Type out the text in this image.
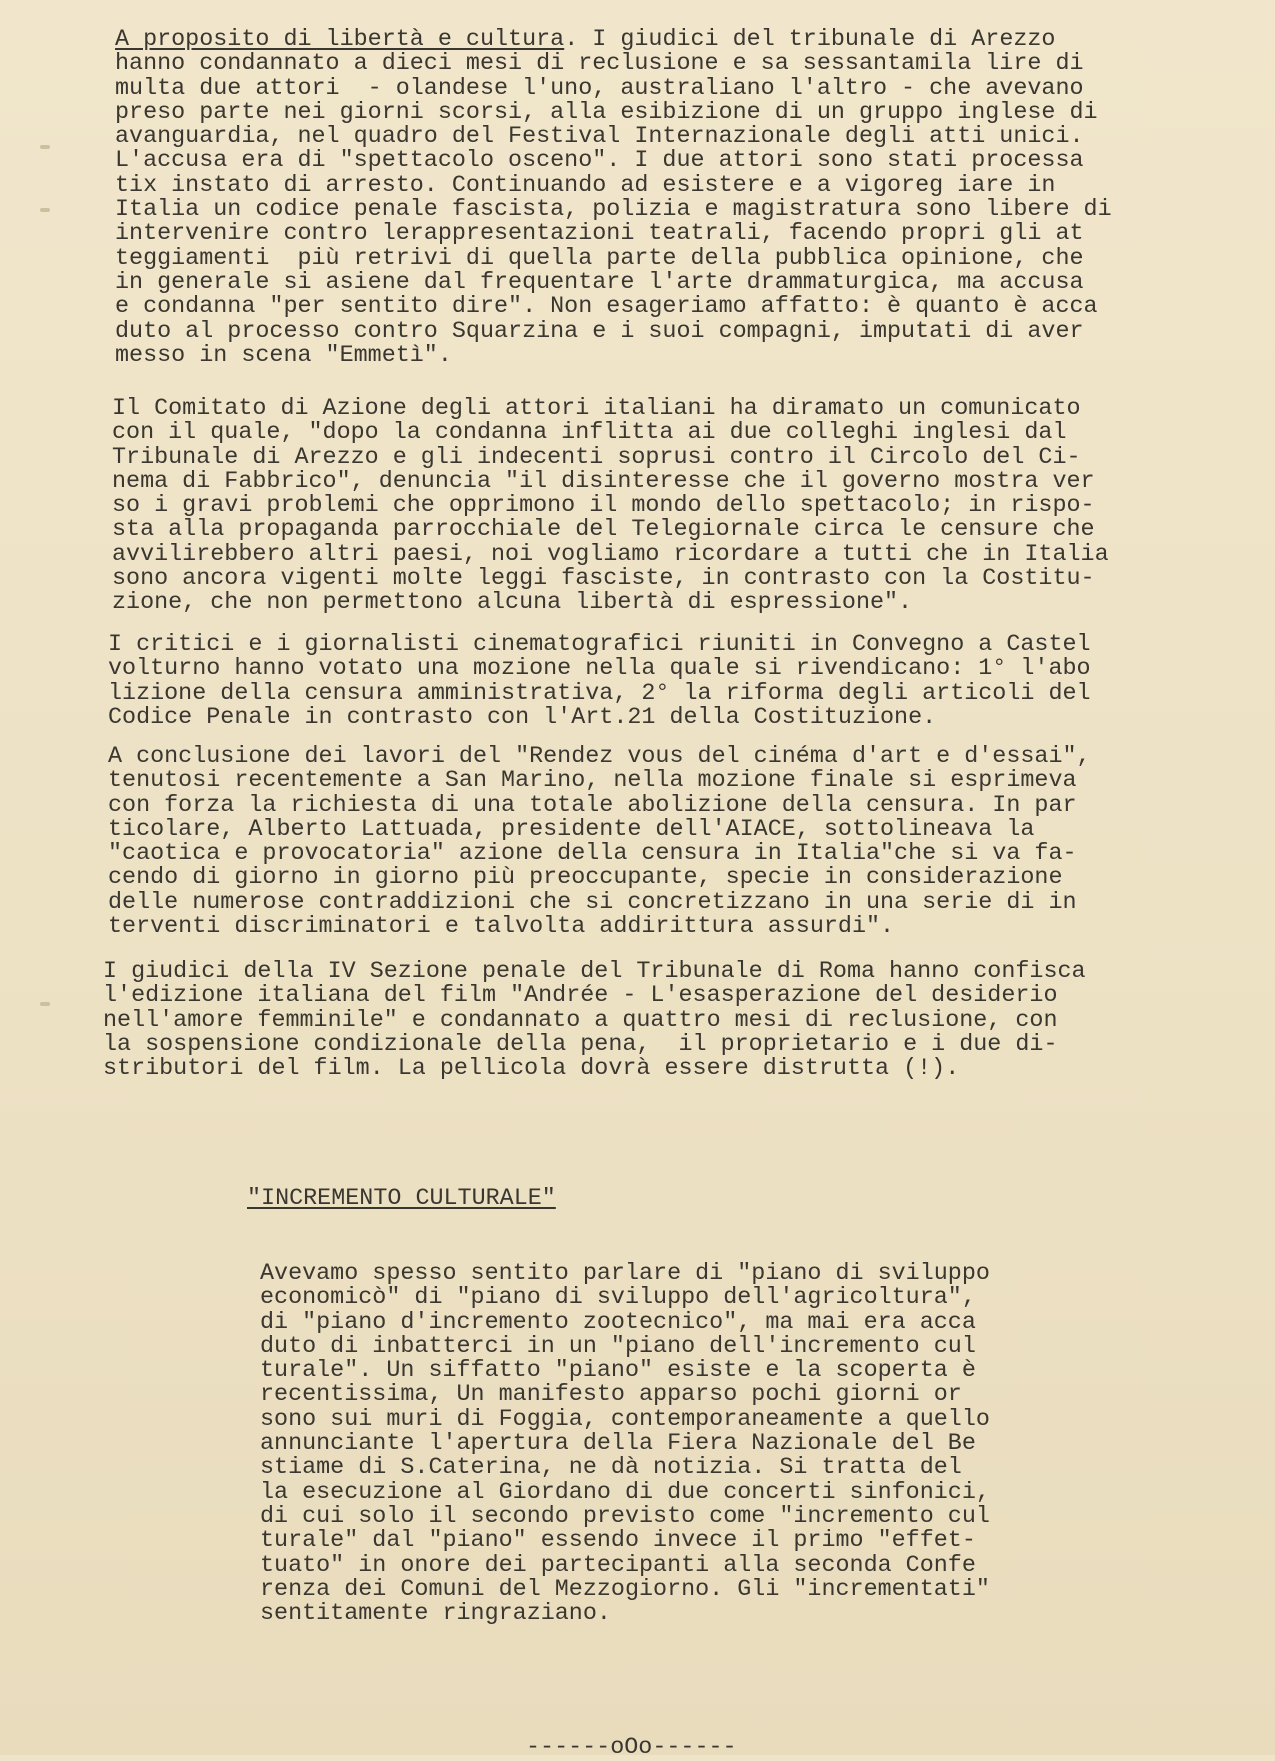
A proposito di libertà e cultura. I giudici del tribunale di Arezzo
hanno condannato a dieci mesi di reclusione e sa sessantamila lire di
multa due attori  - olandese l'uno, australiano l'altro - che avevano
preso parte nei giorni scorsi, alla esibizione di un gruppo inglese di
avanguardia, nel quadro del Festival Internazionale degli atti unici.
L'accusa era di "spettacolo osceno". I due attori sono stati processa
tix instato di arresto. Continuando ad esistere e a vigoreg iare in
Italia un codice penale fascista, polizia e magistratura sono libere di
intervenire contro lerappresentazioni teatrali, facendo propri gli at
teggiamenti  più retrivi di quella parte della pubblica opinione, che
in generale si asiene dal frequentare l'arte drammaturgica, ma accusa
e condanna "per sentito dire". Non esageriamo affatto: è quanto è acca
duto al processo contro Squarzina e i suoi compagni, imputati di aver
messo in scena "Emmetì".
Il Comitato di Azione degli attori italiani ha diramato un comunicato
con il quale, "dopo la condanna inflitta ai due colleghi inglesi dal
Tribunale di Arezzo e gli indecenti soprusi contro il Circolo del Ci-
nema di Fabbrico", denuncia "il disinteresse che il governo mostra ver
so i gravi problemi che opprimono il mondo dello spettacolo; in rispo-
sta alla propaganda parrocchiale del Telegiornale circa le censure che
avvilirebbero altri paesi, noi vogliamo ricordare a tutti che in Italia
sono ancora vigenti molte leggi fasciste, in contrasto con la Costitu-
zione, che non permettono alcuna libertà di espressione".
I critici e i giornalisti cinematografici riuniti in Convegno a Castel
volturno hanno votato una mozione nella quale si rivendicano: 1° l'abo
lizione della censura amministrativa, 2° la riforma degli articoli del
Codice Penale in contrasto con l'Art.21 della Costituzione.
A conclusione dei lavori del "Rendez vous del cinéma d'art e d'essai",
tenutosi recentemente a San Marino, nella mozione finale si esprimeva
con forza la richiesta di una totale abolizione della censura. In par
ticolare, Alberto Lattuada, presidente dell'AIACE, sottolineava la
"caotica e provocatoria" azione della censura in Italia"che si va fa-
cendo di giorno in giorno più preoccupante, specie in considerazione
delle numerose contraddizioni che si concretizzano in una serie di in
terventi discriminatori e talvolta addirittura assurdi".
I giudici della IV Sezione penale del Tribunale di Roma hanno confisca
l'edizione italiana del film "Andrée - L'esasperazione del desiderio
nell'amore femminile" e condannato a quattro mesi di reclusione, con
la sospensione condizionale della pena,  il proprietario e i due di-
stributori del film. La pellicola dovrà essere distrutta (!).
"INCREMENTO CULTURALE"
Avevamo spesso sentito parlare di "piano di sviluppo
economicò" di "piano di sviluppo dell'agricoltura",
di "piano d'incremento zootecnico", ma mai era acca
duto di inbatterci in un "piano dell'incremento cul
turale". Un siffatto "piano" esiste e la scoperta è
recentissima, Un manifesto apparso pochi giorni or
sono sui muri di Foggia, contemporaneamente a quello
annunciante l'apertura della Fiera Nazionale del Be
stiame di S.Caterina, ne dà notizia. Si tratta del
la esecuzione al Giordano di due concerti sinfonici,
di cui solo il secondo previsto come "incremento cul
turale" dal "piano" essendo invece il primo "effet-
tuato" in onore dei partecipanti alla seconda Confe
renza dei Comuni del Mezzogiorno. Gli "incrementati"
sentitamente ringraziano.
------oOo------
